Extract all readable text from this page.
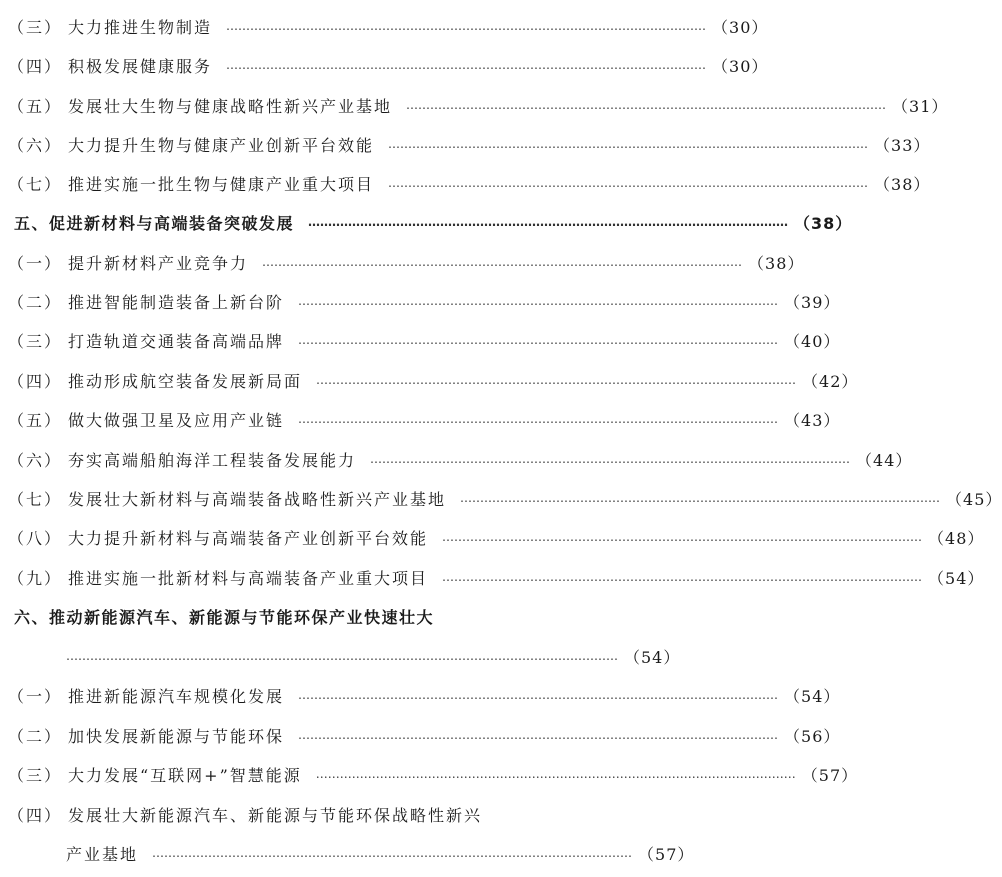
（三） 大力推进生物制造 ………………………………………………………………………………………………………… （30）
（四） 积极发展健康服务 ………………………………………………………………………………………………………… （30）
（五） 发展壮大生物与健康战略性新兴产业基地 ………………………………………………………………………………………………………… （31）
（六） 大力提升生物与健康产业创新平台效能 ………………………………………………………………………………………………………… （33）
（七） 推进实施一批生物与健康产业重大项目 ………………………………………………………………………………………………………… （38）
五、促进新材料与高端装备突破发展 ………………………………………………………………………………………………………… （38）
（一） 提升新材料产业竞争力 ………………………………………………………………………………………………………… （38）
（二） 推进智能制造装备上新台阶 ………………………………………………………………………………………………………… （39）
（三） 打造轨道交通装备高端品牌 ………………………………………………………………………………………………………… （40）
（四） 推动形成航空装备发展新局面 ………………………………………………………………………………………………………… （42）
（五） 做大做强卫星及应用产业链 ………………………………………………………………………………………………………… （43）
（六） 夯实高端船舶海洋工程装备发展能力 ………………………………………………………………………………………………………… （44）
（七） 发展壮大新材料与高端装备战略性新兴产业基地 ………………………………………………………………………………………………………… （45）
（八） 大力提升新材料与高端装备产业创新平台效能 ………………………………………………………………………………………………………… （48）
（九） 推进实施一批新材料与高端装备产业重大项目 ………………………………………………………………………………………………………… （54）
六、推动新能源汽车、新能源与节能环保产业快速壮大
………………………………………………………………………………………………………………………… （54）
（一） 推进新能源汽车规模化发展 ………………………………………………………………………………………………………… （54）
（二） 加快发展新能源与节能环保 ………………………………………………………………………………………………………… （56）
（三） 大力发展“互联网+”智慧能源 ………………………………………………………………………………………………………… （57）
（四） 发展壮大新能源汽车、新能源与节能环保战略性新兴
产业基地 ………………………………………………………………………………………………………… （57）
